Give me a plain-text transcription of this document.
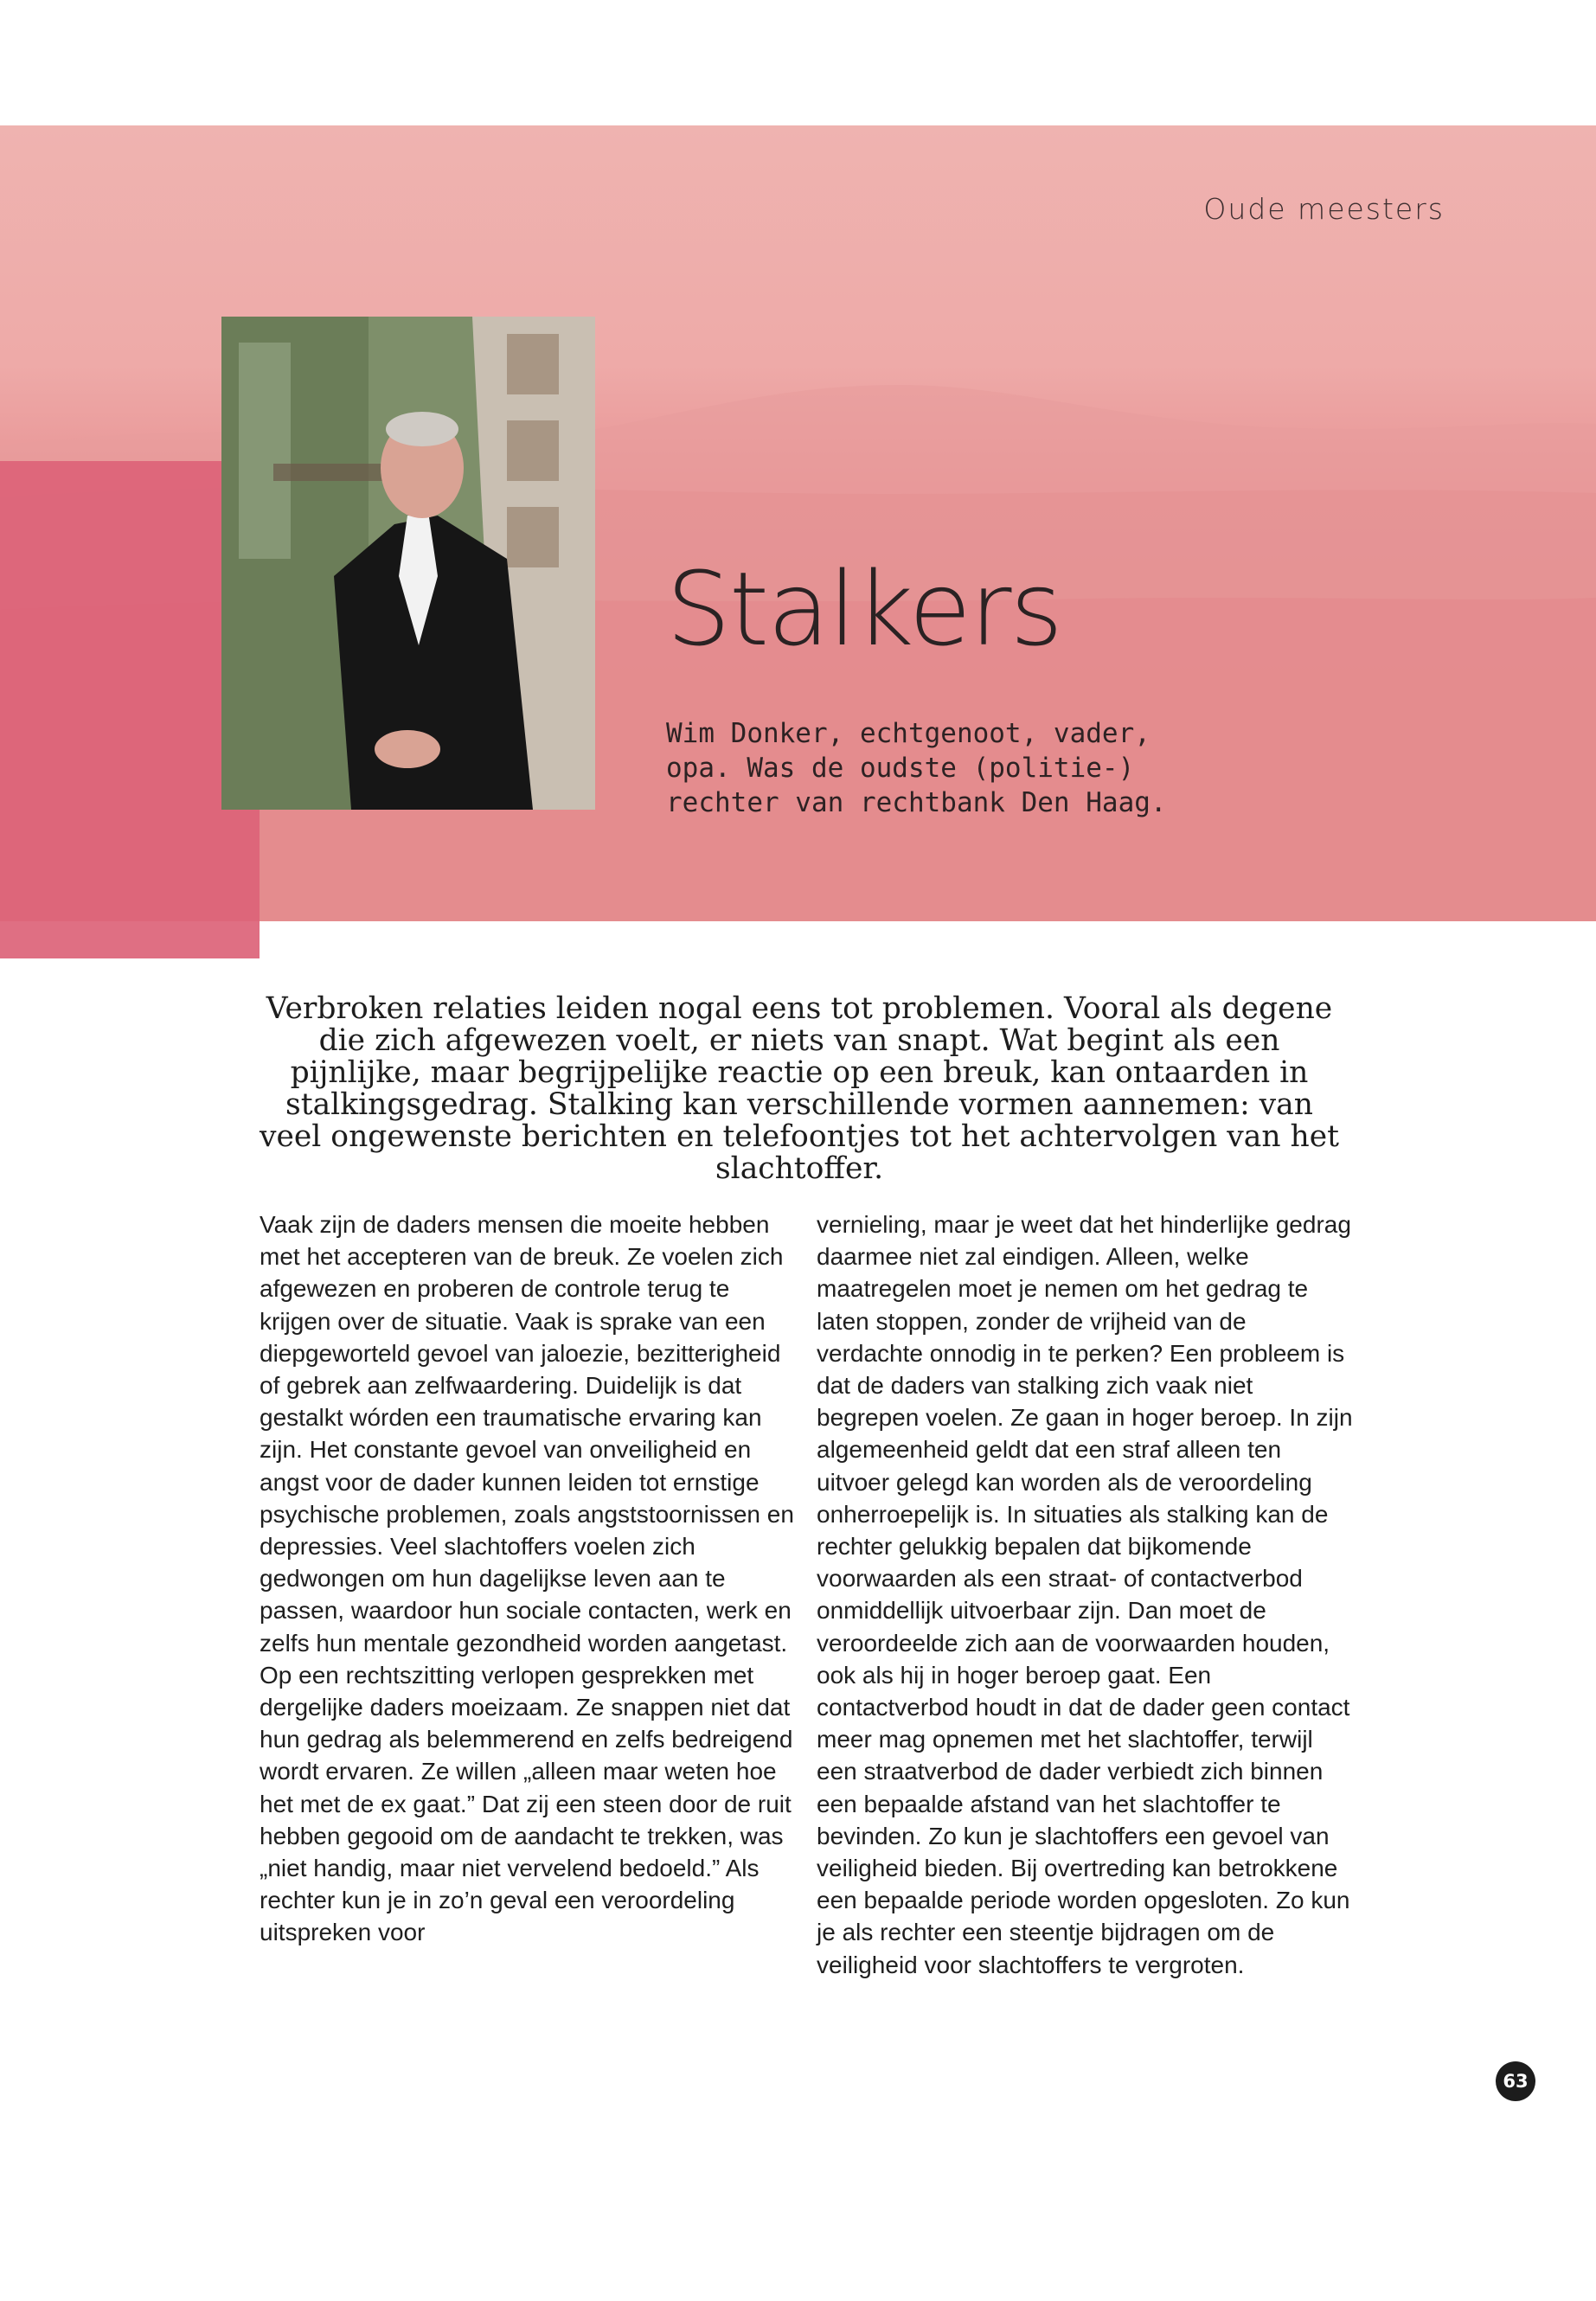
Oude meesters
Stalkers
Wim Donker, echtgenoot, vader, opa. Was de oudste (politie-) rechter van rechtbank Den Haag.
Verbroken relaties leiden nogal eens tot problemen. Vooral als degene die zich afgewezen voelt, er niets van snapt. Wat begint als een pijnlijke, maar begrijpelijke reactie op een breuk, kan ontaarden in stalkingsgedrag. Stalking kan verschillende vormen aannemen: van veel ongewenste berichten en telefoontjes tot het achtervolgen van het slachtoffer.
Vaak zijn de daders mensen die moeite hebben met het accepteren van de breuk. Ze voelen zich afgewezen en proberen de controle terug te krijgen over de situatie. Vaak is sprake van een diepgeworteld gevoel van jaloezie, bezitterigheid of gebrek aan zelfwaardering. Duidelijk is dat gestalkt wórden een traumatische ervaring kan zijn. Het constante gevoel van onveiligheid en angst voor de dader kunnen leiden tot ernstige psychische problemen, zoals angststoornissen en depressies. Veel slachtoffers voelen zich gedwongen om hun dagelijkse leven aan te passen, waardoor hun sociale contacten, werk en zelfs hun mentale gezondheid worden aangetast. Op een rechtszitting verlopen gesprekken met dergelijke daders moeizaam. Ze snappen niet dat hun gedrag als belemmerend en zelfs bedreigend wordt ervaren. Ze willen „alleen maar weten hoe het met de ex gaat.” Dat zij een steen door de ruit hebben gegooid om de aandacht te trekken, was „niet handig, maar niet vervelend bedoeld.” Als rechter kun je in zo’n geval een veroordeling uitspreken voor
vernieling, maar je weet dat het hinderlijke gedrag daarmee niet zal eindigen. Alleen, welke maatregelen moet je nemen om het gedrag te laten stoppen, zonder de vrijheid van de verdachte onnodig in te perken? Een probleem is dat de daders van stalking zich vaak niet begrepen voelen. Ze gaan in hoger beroep. In zijn algemeenheid geldt dat een straf alleen ten uitvoer gelegd kan worden als de veroordeling onherroepelijk is. In situaties als stalking kan de rechter gelukkig bepalen dat bijkomende voorwaarden als een straat- of contactverbod onmiddellijk uitvoerbaar zijn. Dan moet de veroordeelde zich aan de voorwaarden houden, ook als hij in hoger beroep gaat. Een contactverbod houdt in dat de dader geen contact meer mag opnemen met het slachtoffer, terwijl een straatverbod de dader verbiedt zich binnen een bepaalde afstand van het slachtoffer te bevinden. Zo kun je slachtoffers een gevoel van veiligheid bieden. Bij overtreding kan betrokkene een bepaalde periode worden opgesloten. Zo kun je als rechter een steentje bijdragen om de veiligheid voor slachtoffers te vergroten.
63
